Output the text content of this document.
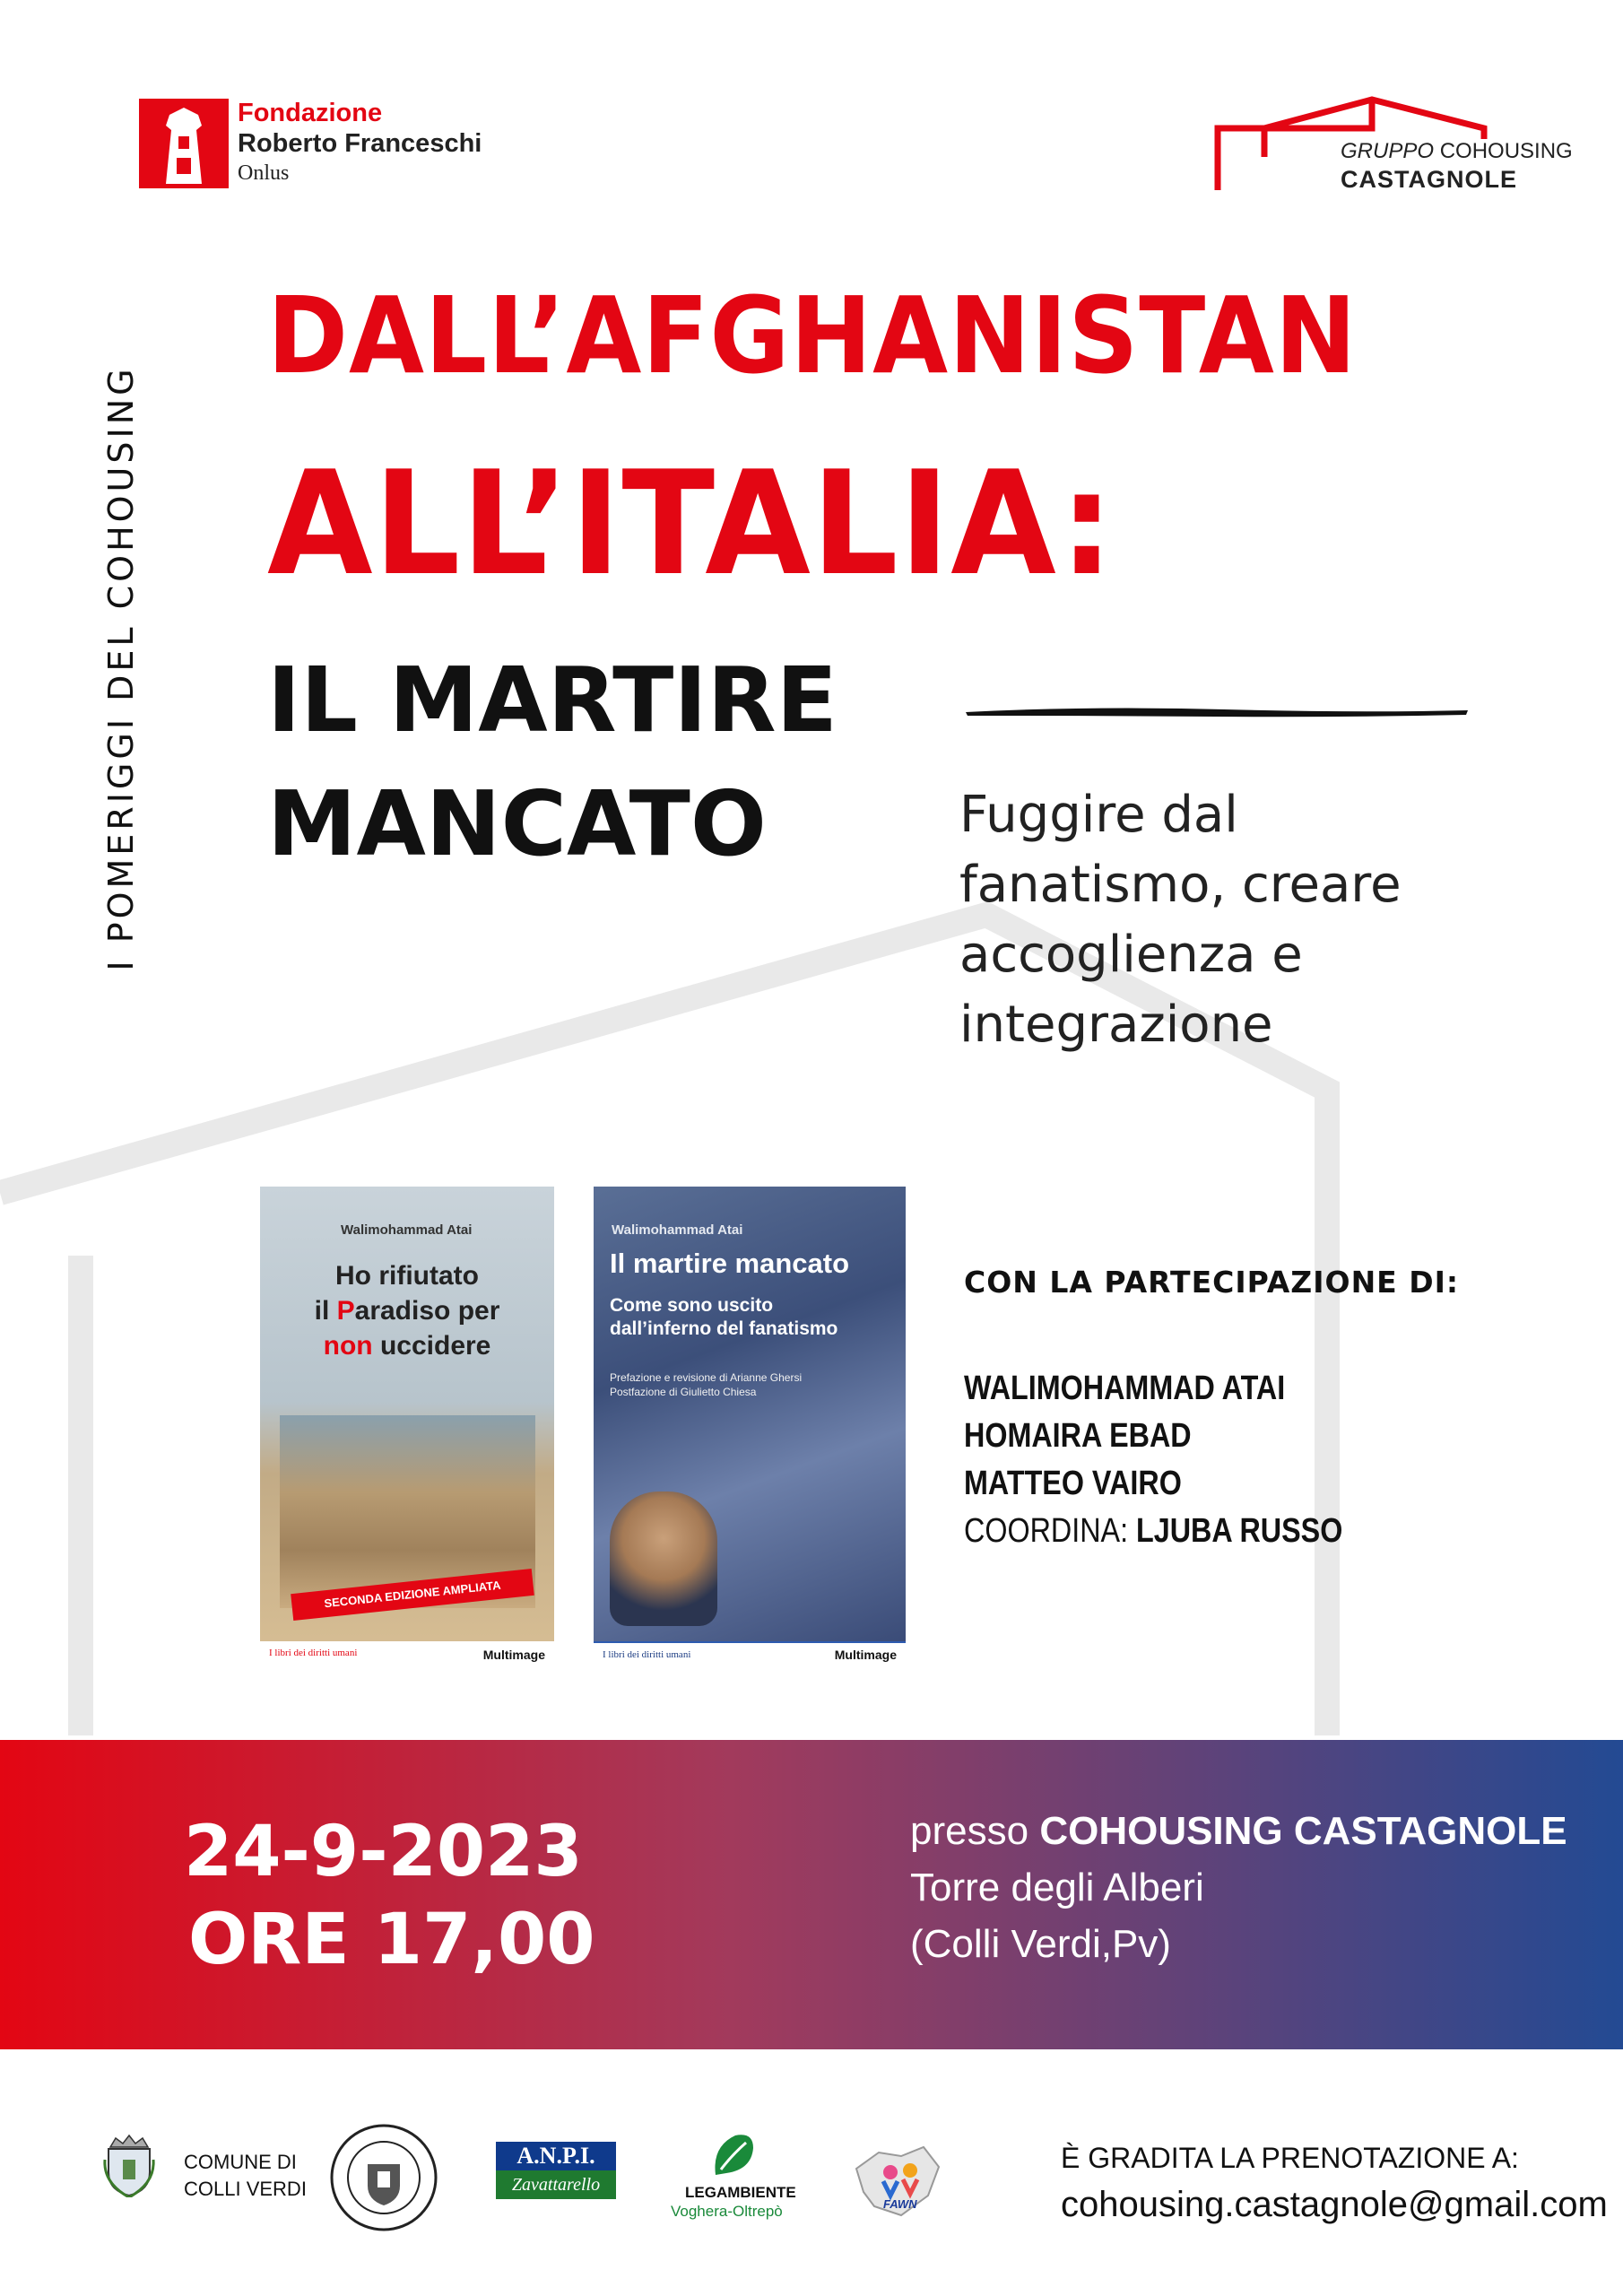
Fondazione
Roberto Franceschi
Onlus
GRUPPO COHOUSING
CASTAGNOLE
I POMERIGGI DEL COHOUSING
DALL’AFGHANISTAN
ALL’ITALIA:
IL MARTIRE
MANCATO	Fuggire dal
fanatismo, creare
accoglienza e
integrazione
Walimohammad Atai
Ho rifiutato
il Paradiso per
non uccidere
SECONDA EDIZIONE AMPLIATA
I libri dei diritti umani	Multimage
Walimohammad Atai
Il martire mancato
Come sono uscito
dall’inferno del fanatismo
Prefazione e revisione di Arianne Ghersi
Postfazione di Giulietto Chiesa
I libri dei diritti umani	Multimage
CON LA PARTECIPAZIONE DI:
WALIMOHAMMAD ATAI
HOMAIRA EBAD
MATTEO VAIRO
COORDINA: LJUBA RUSSO
24-9-2023
ORE 17,00
presso COHOUSING CASTAGNOLE
Torre degli Alberi
(Colli Verdi,Pv)
COMUNE DI
COLLI VERDI
A.N.P.I.
Zavattarello	LEGAMBIENTE
Voghera-Oltrepò	FAWN
È GRADITA LA PRENOTAZIONE A:
cohousing.castagnole@gmail.com
